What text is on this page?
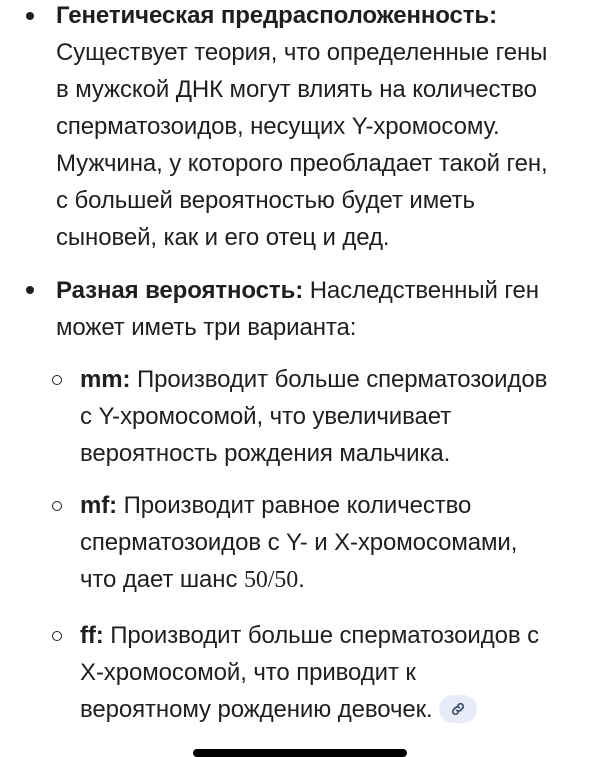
Генетическая предрасположенность:
Существует теория, что определенные гены
в мужской ДНК могут влиять на количество
сперматозоидов, несущих Y-хромосому.
Мужчина, у которого преобладает такой ген,
с большей вероятностью будет иметь
сыновей, как и его отец и дед.
Разная вероятность: Наследственный ген
может иметь три варианта:
mm: Производит больше сперматозоидов
с Y-хромосомой, что увеличивает
вероятность рождения мальчика.
mf: Производит равное количество
сперматозоидов с Y- и X-хромосомами,
что дает шанс 50/50.
ff: Производит больше сперматозоидов с
X-хромосомой, что приводит к
вероятному рождению девочек.
